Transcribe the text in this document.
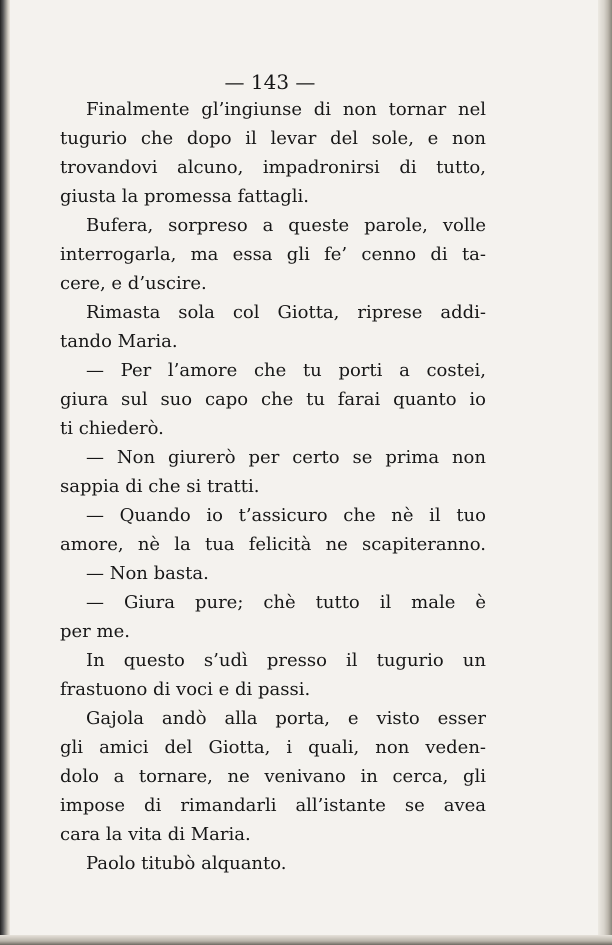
— 143 —
Finalmente gl’ingiunse di non tornar nel
tugurio che dopo il levar del sole, e non
trovandovi alcuno, impadronirsi di tutto,
giusta la promessa fattagli.
Bufera, sorpreso a queste parole, volle
interrogarla, ma essa gli fe’ cenno di ta-
cere, e d’uscire.
Rimasta sola col Giotta, riprese addi-
tando Maria.
— Per l’amore che tu porti a costei,
giura sul suo capo che tu farai quanto io
ti chiederò.
— Non giurerò per certo se prima non
sappia di che si tratti.
— Quando io t’assicuro che nè il tuo
amore, nè la tua felicità ne scapiteranno.
— Non basta.
— Giura pure; chè tutto il male è
per me.
In questo s’udì presso il tugurio un
frastuono di voci e di passi.
Gajola andò alla porta, e visto esser
gli amici del Giotta, i quali, non veden-
dolo a tornare, ne venivano in cerca, gli
impose di rimandarli all’istante se avea
cara la vita di Maria.
Paolo titubò alquanto.
